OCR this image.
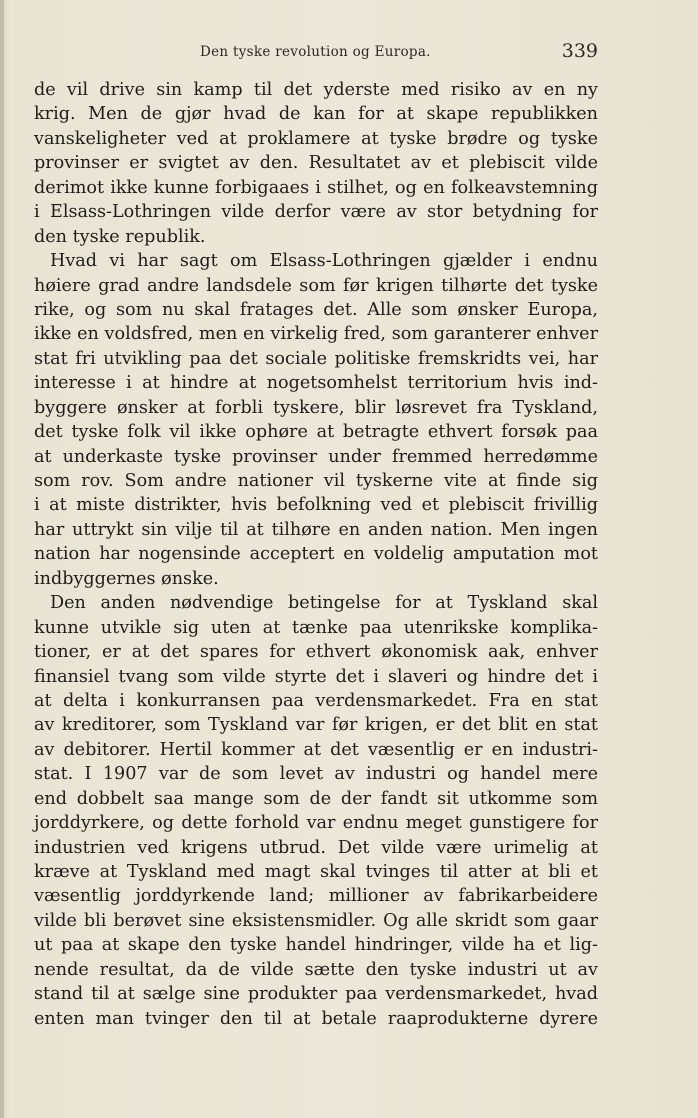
Den tyske revolution og Europa.	339
de vil drive sin kamp til det yderste med risiko av en ny
krig. Men de gjør hvad de kan for at skape republikken
vanskeligheter ved at proklamere at tyske brødre og tyske
provinser er svigtet av den. Resultatet av et plebiscit vilde
derimot ikke kunne forbigaaes i stilhet, og en folkeavstemning
i Elsass-Lothringen vilde derfor være av stor betydning for
den tyske republik.
Hvad vi har sagt om Elsass-Lothringen gjælder i endnu
høiere grad andre landsdele som før krigen tilhørte det tyske
rike, og som nu skal fratages det. Alle som ønsker Europa,
ikke en voldsfred, men en virkelig fred, som garanterer enhver
stat fri utvikling paa det sociale politiske fremskridts vei, har
interesse i at hindre at nogetsomhelst territorium hvis ind-
byggere ønsker at forbli tyskere, blir løsrevet fra Tyskland,
det tyske folk vil ikke ophøre at betragte ethvert forsøk paa
at underkaste tyske provinser under fremmed herredømme
som rov. Som andre nationer vil tyskerne vite at finde sig
i at miste distrikter, hvis befolkning ved et plebiscit frivillig
har uttrykt sin vilje til at tilhøre en anden nation. Men ingen
nation har nogensinde acceptert en voldelig amputation mot
indbyggernes ønske.
Den anden nødvendige betingelse for at Tyskland skal
kunne utvikle sig uten at tænke paa utenrikske komplika-
tioner, er at det spares for ethvert økonomisk aak, enhver
finansiel tvang som vilde styrte det i slaveri og hindre det i
at delta i konkurransen paa verdensmarkedet. Fra en stat
av kreditorer, som Tyskland var før krigen, er det blit en stat
av debitorer. Hertil kommer at det væsentlig er en industri-
stat. I 1907 var de som levet av industri og handel mere
end dobbelt saa mange som de der fandt sit utkomme som
jorddyrkere, og dette forhold var endnu meget gunstigere for
industrien ved krigens utbrud. Det vilde være urimelig at
kræve at Tyskland med magt skal tvinges til atter at bli et
væsentlig jorddyrkende land; millioner av fabrikarbeidere
vilde bli berøvet sine eksistensmidler. Og alle skridt som gaar
ut paa at skape den tyske handel hindringer, vilde ha et lig-
nende resultat, da de vilde sætte den tyske industri ut av
stand til at sælge sine produkter paa verdensmarkedet, hvad
enten man tvinger den til at betale raaprodukterne dyrere
